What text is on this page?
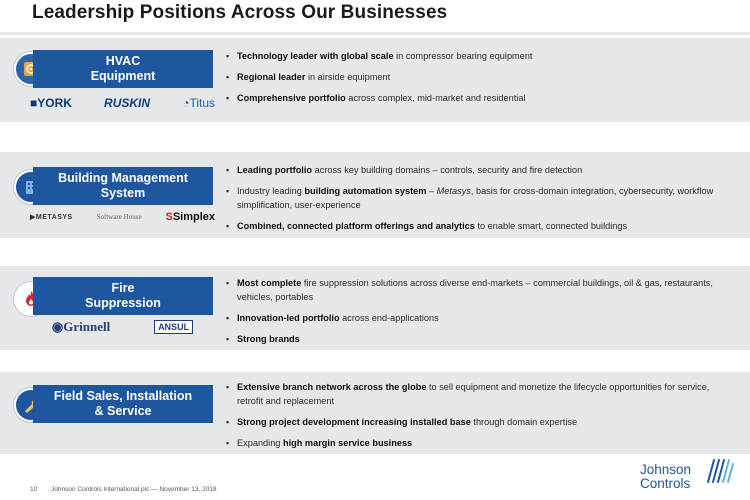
Leadership Positions Across Our Businesses
HVAC
Equipment
■YORK	RUSKIN	◔Titus
▪ Technology leader with global scale in compressor bearing equipment
▪ Regional leader in airside equipment
▪ Comprehensive portfolio across complex, mid-market and residential
Building Management
System
▶METASYS	Software House SSimplex
▪ Leading portfolio across key building domains – controls, security and fire detection
▪ Industry leading building automation system – Metasys, basis for cross-domain integration, cybersecurity, workflow simplification, user-experience
▪ Combined, connected platform offerings and analytics to enable smart, connected buildings
Fire
Suppression
◉Grinnell	ANSUL
▪ Most complete fire suppression solutions across diverse end-markets – commercial buildings, oil & gas, restaurants, vehicles, portables
▪ Innovation-led portfolio across end-applications
▪ Strong brands
Field Sales, Installation
& Service
▪ Extensive branch network across the globe to sell equipment and monetize the lifecycle opportunities for service, retrofit and replacement
▪ Strong project development increasing installed base through domain expertise
▪ Expanding high margin service business
10 Johnson Controls International plc — November 13, 2018
Johnson
Controls
